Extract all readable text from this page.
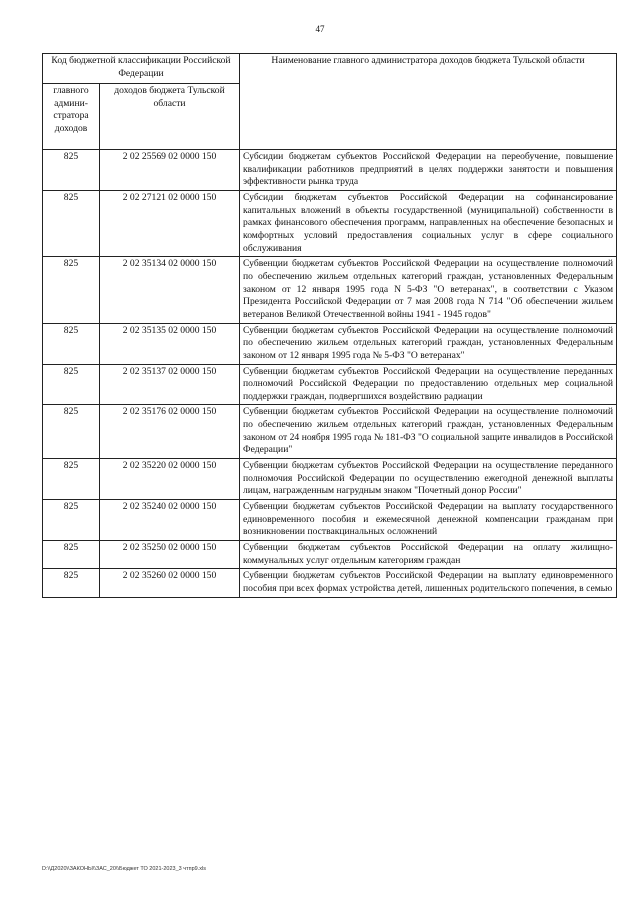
47
Код бюджетной классификации Российской Федерации		Наименование главного администратора доходов бюджета Тульской области
главного админи-стратора доходов	доходов бюджета Тульской области	
825	2 02 25569 02 0000 150	Субсидии бюджетам субъектов Российской Федерации на переобучение, повышение квалификации работников предприятий в целях поддержки занятости и повышения эффективности рынка труда
825	2 02 27121 02 0000 150	Субсидии бюджетам субъектов Российской Федерации на софинансирование капитальных вложений в объекты государственной (муниципальной) собственности в рамках финансового обеспечения программ, направленных на обеспечение безопасных и комфортных условий предоставления социальных услуг в сфере социального обслуживания
825	2 02 35134 02 0000 150	Субвенции бюджетам субъектов Российской Федерации на осуществление полномочий по обеспечению жильем отдельных категорий граждан, установленных Федеральным законом от 12 января 1995 года N 5-ФЗ "О ветеранах", в соответствии с Указом Президента Российской Федерации от 7 мая 2008 года N 714 "Об обеспечении жильем ветеранов Великой Отечественной войны 1941 - 1945 годов"
825	2 02 35135 02 0000 150	Субвенции бюджетам субъектов Российской Федерации на осуществление полномочий по обеспечению жильем отдельных категорий граждан, установленных Федеральным законом от 12 января 1995 года № 5-ФЗ "О ветеранах"
825	2 02 35137 02 0000 150	Субвенции бюджетам субъектов Российской Федерации на осуществление переданных полномочий Российской Федерации по предоставлению отдельных мер социальной поддержки граждан, подвергшихся воздействию радиации
825	2 02 35176 02 0000 150	Субвенции бюджетам субъектов Российской Федерации на осуществление полномочий по обеспечению жильем отдельных категорий граждан, установленных Федеральным законом от 24 ноября 1995 года № 181-ФЗ "О социальной защите инвалидов в Российской Федерации"
825	2 02 35220 02 0000 150	Субвенции бюджетам субъектов Российской Федерации на осуществление переданного полномочия Российской Федерации по осуществлению ежегодной денежной выплаты лицам, награжденным нагрудным знаком "Почетный донор России"
825	2 02 35240 02 0000 150	Субвенции бюджетам субъектов Российской Федерации на выплату государственного единовременного пособия и ежемесячной денежной компенсации гражданам при возникновении поствакцинальных осложнений
825	2 02 35250 02 0000 150	Субвенции бюджетам субъектов Российской Федерации на оплату жилищно-коммунальных услуг отдельным категориям граждан
825	2 02 35260 02 0000 150	Субвенции бюджетам субъектов Российской Федерации на выплату единовременного пособия при всех формах устройства детей, лишенных родительского попечения, в семью
D:\\Д2020\\ЗАКОНЫ\\ЗАС_20\\Бюджет ТО 2021-2023_3 чтпр9.xls
